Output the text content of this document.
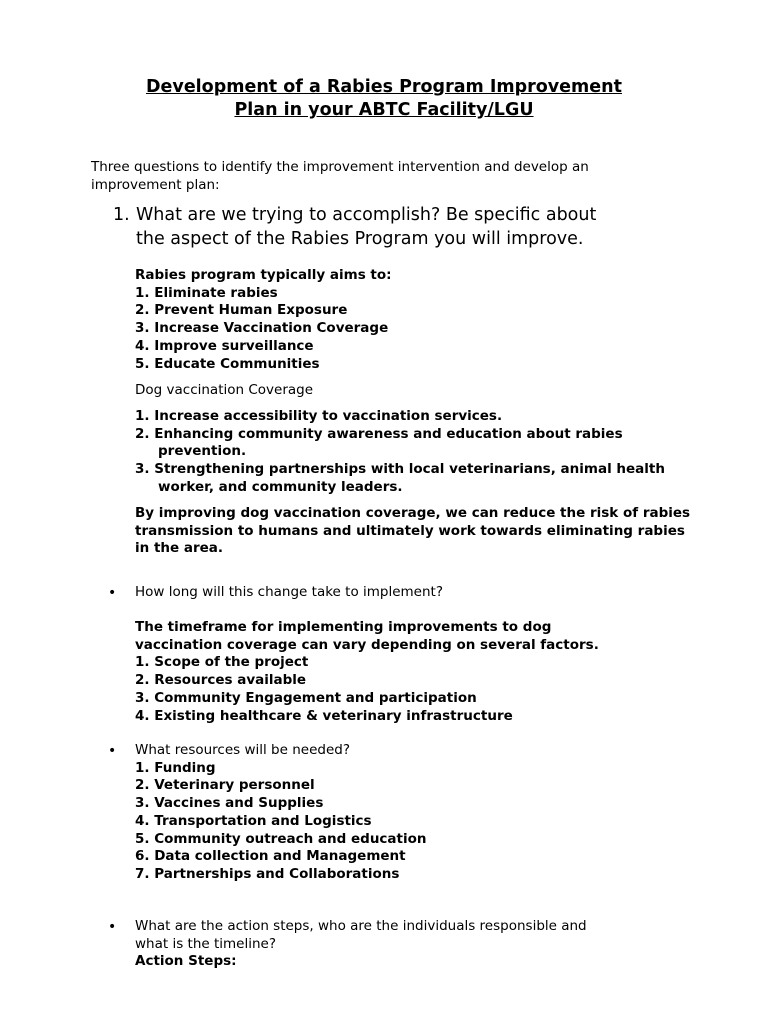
Development of a Rabies Program Improvement
Plan in your ABTC Facility/LGU
Three questions to identify the improvement intervention and develop an
improvement plan:
1. What are we trying to accomplish? Be specific about
the aspect of the Rabies Program you will improve.
Rabies program typically aims to:
1. Eliminate rabies
2. Prevent Human Exposure
3. Increase Vaccination Coverage
4. Improve surveillance
5. Educate Communities
Dog vaccination Coverage
1. Increase accessibility to vaccination services.
2. Enhancing community awareness and education about rabies prevention.
3. Strengthening partnerships with local veterinarians, animal health worker, and community leaders.
By improving dog vaccination coverage, we can reduce the risk of rabies transmission to humans and ultimately work towards eliminating rabies in the area.
• How long will this change take to implement?
The timeframe for implementing improvements to dog
vaccination coverage can vary depending on several factors.
1. Scope of the project
2. Resources available
3. Community Engagement and participation
4. Existing healthcare & veterinary infrastructure
• What resources will be needed?
1. Funding
2. Veterinary personnel
3. Vaccines and Supplies
4. Transportation and Logistics
5. Community outreach and education
6. Data collection and Management
7. Partnerships and Collaborations
• What are the action steps, who are the individuals responsible and
what is the timeline?
Action Steps:
